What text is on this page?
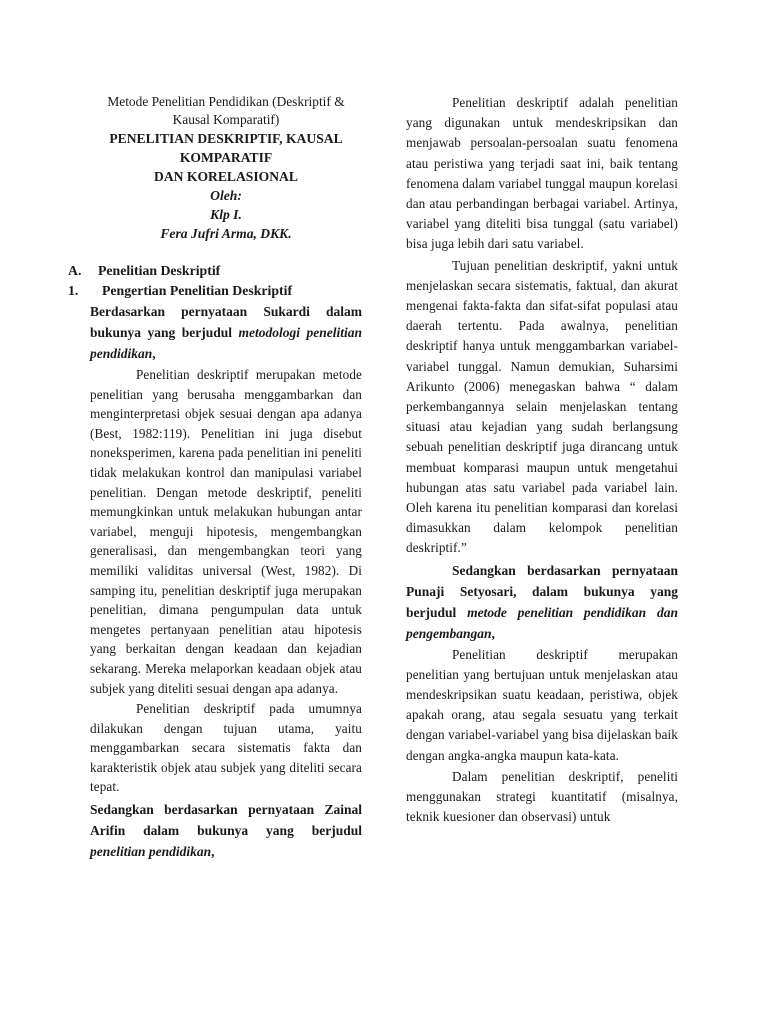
Metode Penelitian Pendidikan (Deskriptif &

Kausal Komparatif)

PENELITIAN DESKRIPTIF, KAUSAL

KOMPARATIF

DAN KORELASIONAL

Oleh:

Klp I.

Fera Jufri Arma, DKK.

A. Penelitian Deskriptif

1. Pengertian Penelitian Deskriptif

Berdasarkan pernyataan Sukardi dalam bukunya yang berjudul metodologi penelitian pendidikan,

Penelitian deskriptif merupakan metode penelitian yang berusaha menggambarkan dan menginterpretasi objek sesuai dengan apa adanya (Best, 1982:119). Penelitian ini juga disebut noneksperimen, karena pada penelitian ini peneliti tidak melakukan kontrol dan manipulasi variabel penelitian. Dengan metode deskriptif, peneliti memungkinkan untuk melakukan hubungan antar variabel, menguji hipotesis, mengembangkan generalisasi, dan mengembangkan teori yang memiliki validitas universal (West, 1982). Di samping itu, penelitian deskriptif juga merupakan penelitian, dimana pengumpulan data untuk mengetes pertanyaan penelitian atau hipotesis yang berkaitan dengan keadaan dan kejadian sekarang. Mereka melaporkan keadaan objek atau subjek yang diteliti sesuai dengan apa adanya.

Penelitian deskriptif pada umumnya dilakukan dengan tujuan utama, yaitu menggambarkan secara sistematis fakta dan karakteristik objek atau subjek yang diteliti secara tepat.

Sedangkan berdasarkan pernyataan Zainal Arifin dalam bukunya yang berjudul penelitian pendidikan,

Penelitian deskriptif adalah penelitian yang digunakan untuk mendeskripsikan dan menjawab persoalan-persoalan suatu fenomena atau peristiwa yang terjadi saat ini, baik tentang fenomena dalam variabel tunggal maupun korelasi dan atau perbandingan berbagai variabel. Artinya, variabel yang diteliti bisa tunggal (satu variabel) bisa juga lebih dari satu variabel.

Tujuan penelitian deskriptif, yakni untuk menjelaskan secara sistematis, faktual, dan akurat mengenai fakta-fakta dan sifat-sifat populasi atau daerah tertentu. Pada awalnya, penelitian deskriptif hanya untuk menggambarkan variabel-variabel tunggal. Namun demukian, Suharsimi Arikunto (2006) menegaskan bahwa “ dalam perkembangannya selain menjelaskan tentang situasi atau kejadian yang sudah berlangsung sebuah penelitian deskriptif juga dirancang untuk membuat komparasi maupun untuk mengetahui hubungan atas satu variabel pada variabel lain. Oleh karena itu penelitian komparasi dan korelasi dimasukkan dalam kelompok penelitian deskriptif.”

Sedangkan berdasarkan pernyataan Punaji Setyosari, dalam bukunya yang berjudul metode penelitian pendidikan dan pengembangan,

Penelitian deskriptif merupakan penelitian yang bertujuan untuk menjelaskan atau mendeskripsikan suatu keadaan, peristiwa, objek apakah orang, atau segala sesuatu yang terkait dengan variabel-variabel yang bisa dijelaskan baik dengan angka-angka maupun kata-kata.

Dalam penelitian deskriptif, peneliti menggunakan strategi kuantitatif (misalnya, teknik kuesioner dan observasi) untuk
